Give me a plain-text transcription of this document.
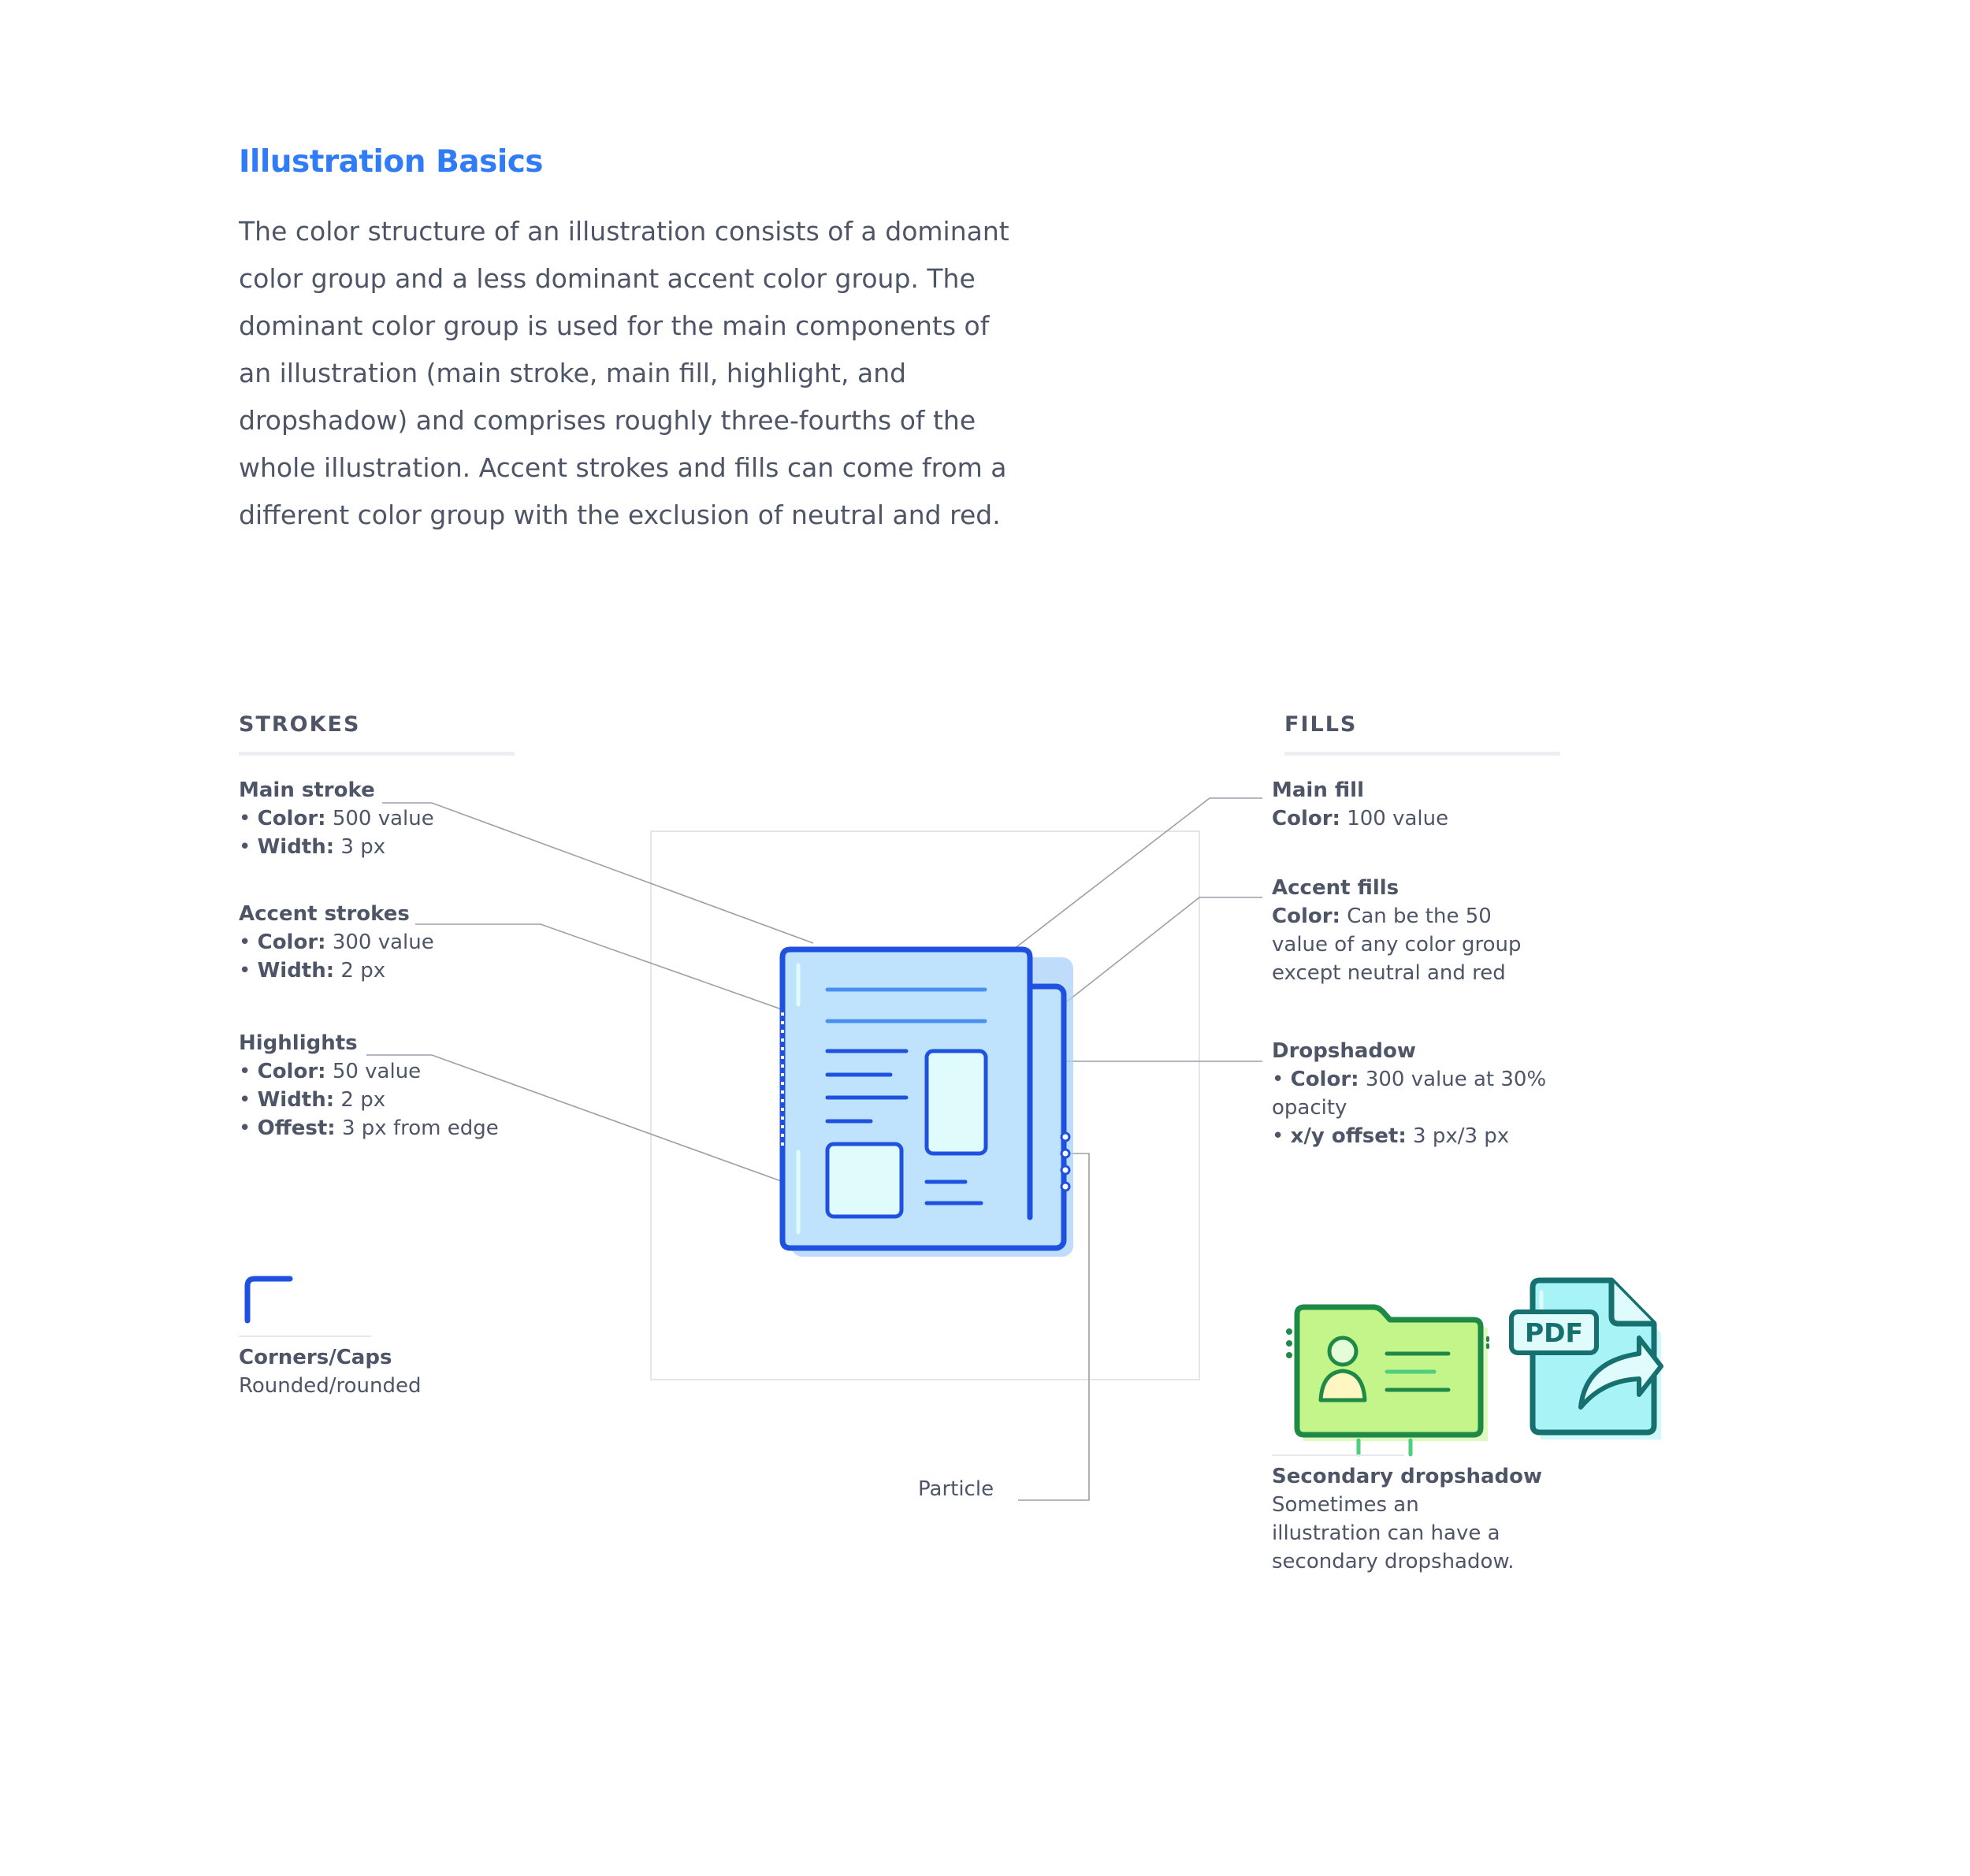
Illustration Basics

The color structure of an illustration consists of a dominant color group and a less dominant accent color group. The dominant color group is used for the main components of an illustration (main stroke, main fill, highlight, and dropshadow) and comprises roughly three-fourths of the whole illustration. Accent strokes and fills can come from a different color group with the exclusion of neutral and red.

STROKES	FILLS
PDF
Main stroke
• Color: 500 value
• Width: 3 px
Accent strokes
• Color: 300 value
• Width: 2 px
Highlights
• Color: 50 value
• Width: 2 px
• Offest: 3 px from edge
Corners/Caps
Rounded/rounded
Main fill
Color: 100 value
Accent fills
Color: Can be the 50
value of any color group
except neutral and red
Dropshadow
• Color: 300 value at 30%
opacity
• x/y offset: 3 px/3 px
Secondary dropshadow
Sometimes an
illustration can have a
secondary dropshadow.
Particle
